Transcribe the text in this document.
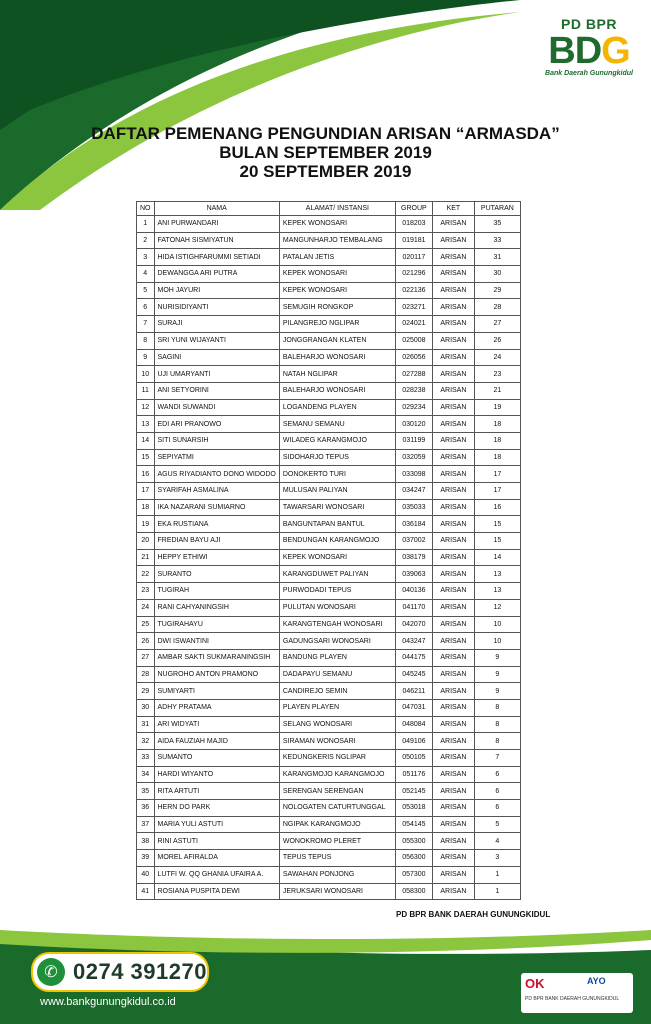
PD BPR
BDG
Bank Daerah Gunungkidul
DAFTAR PEMENANG PENGUNDIAN ARISAN “ARMASDA”
BULAN SEPTEMBER 2019
20 SEPTEMBER 2019
NO	NAMA	ALAMAT/ INSTANSI	GROUP	KET	PUTARAN
1	ANI PURWANDARI	KEPEK WONOSARI	018203	ARISAN	35
2	FATONAH SISMIYATUN	MANGUNHARJO TEMBALANG	019181	ARISAN	33
3	HIDA ISTIGHFARUMMI SETIADI	PATALAN JETIS	020117	ARISAN	31
4	DEWANGGA ARI PUTRA	KEPEK WONOSARI	021296	ARISAN	30
5	MOH JAYURI	KEPEK WONOSARI	022136	ARISAN	29
6	NURISIDIYANTI	SEMUGIH RONGKOP	023271	ARISAN	28
7	SURAJI	PILANGREJO NGLIPAR	024021	ARISAN	27
8	SRI YUNI WIJAYANTI	JONGGRANGAN KLATEN	025008	ARISAN	26
9	SAGINI	BALEHARJO WONOSARI	026056	ARISAN	24
10	UJI UMARYANTI	NATAH NGLIPAR	027288	ARISAN	23
11	ANI SETYORINI	BALEHARJO WONOSARI	028238	ARISAN	21
12	WANDI SUWANDI	LOGANDENG PLAYEN	029234	ARISAN	19
13	EDI ARI PRANOWO	SEMANU SEMANU	030120	ARISAN	18
14	SITI SUNARSIH	WILADEG KARANGMOJO	031199	ARISAN	18
15	SEPIYATMI	SIDOHARJO TEPUS	032059	ARISAN	18
16	AGUS RIYADIANTO DONO WIDODO	DONOKERTO TURI	033098	ARISAN	17
17	SYARIFAH ASMALINA	MULUSAN PALIYAN	034247	ARISAN	17
18	IKA NAZARANI SUMIARNO	TAWARSARI WONOSARI	035033	ARISAN	16
19	EKA RUSTIANA	BANGUNTAPAN BANTUL	036184	ARISAN	15
20	FREDIAN BAYU AJI	BENDUNGAN KARANGMOJO	037002	ARISAN	15
21	HEPPY ETHIWI	KEPEK WONOSARI	038179	ARISAN	14
22	SURANTO	KARANGDUWET PALIYAN	039063	ARISAN	13
23	TUGIRAH	PURWODADI TEPUS	040136	ARISAN	13
24	RANI CAHYANINGSIH	PULUTAN WONOSARI	041170	ARISAN	12
25	TUGIRAHAYU	KARANGTENGAH WONOSARI	042070	ARISAN	10
26	DWI ISWANTINI	GADUNGSARI WONOSARI	043247	ARISAN	10
27	AMBAR SAKTI SUKMARANINGSIH	BANDUNG PLAYEN	044175	ARISAN	9
28	NUGROHO ANTON PRAMONO	DADAPAYU SEMANU	045245	ARISAN	9
29	SUMIYARTI	CANDIREJO SEMIN	046211	ARISAN	9
30	ADHY PRATAMA	PLAYEN PLAYEN	047031	ARISAN	8
31	ARI WIDYATI	SELANG WONOSARI	048084	ARISAN	8
32	AIDA FAUZIAH MAJID	SIRAMAN WONOSARI	049106	ARISAN	8
33	SUMANTO	KEDUNGKERIS NGLIPAR	050105	ARISAN	7
34	HARDI WIYANTO	KARANGMOJO KARANGMOJO	051176	ARISAN	6
35	RITA ARTUTI	SERENGAN SERENGAN	052145	ARISAN	6
36	HERN DO PARK	NOLOGATEN CATURTUNGGAL	053018	ARISAN	6
37	MARIA YULI ASTUTI	NGIPAK KARANGMOJO	054145	ARISAN	5
38	RINI ASTUTI	WONOKROMO PLERET	055300	ARISAN	4
39	MOREL AFIRALDA	TEPUS TEPUS	056300	ARISAN	3
40	LUTFI W. QQ GHANIA UFAIRA A.	SAWAHAN PONJONG	057300	ARISAN	1
41	ROSIANA PUSPITA DEWI	JERUKSARI WONOSARI	058300	ARISAN	1
PD BPR BANK DAERAH GUNUNGKIDUL
✆ 0274 391270
www.bankgunungkidul.co.id
OK	AYO
PD BPR BANK DAERAH GUNUNGKIDUL
